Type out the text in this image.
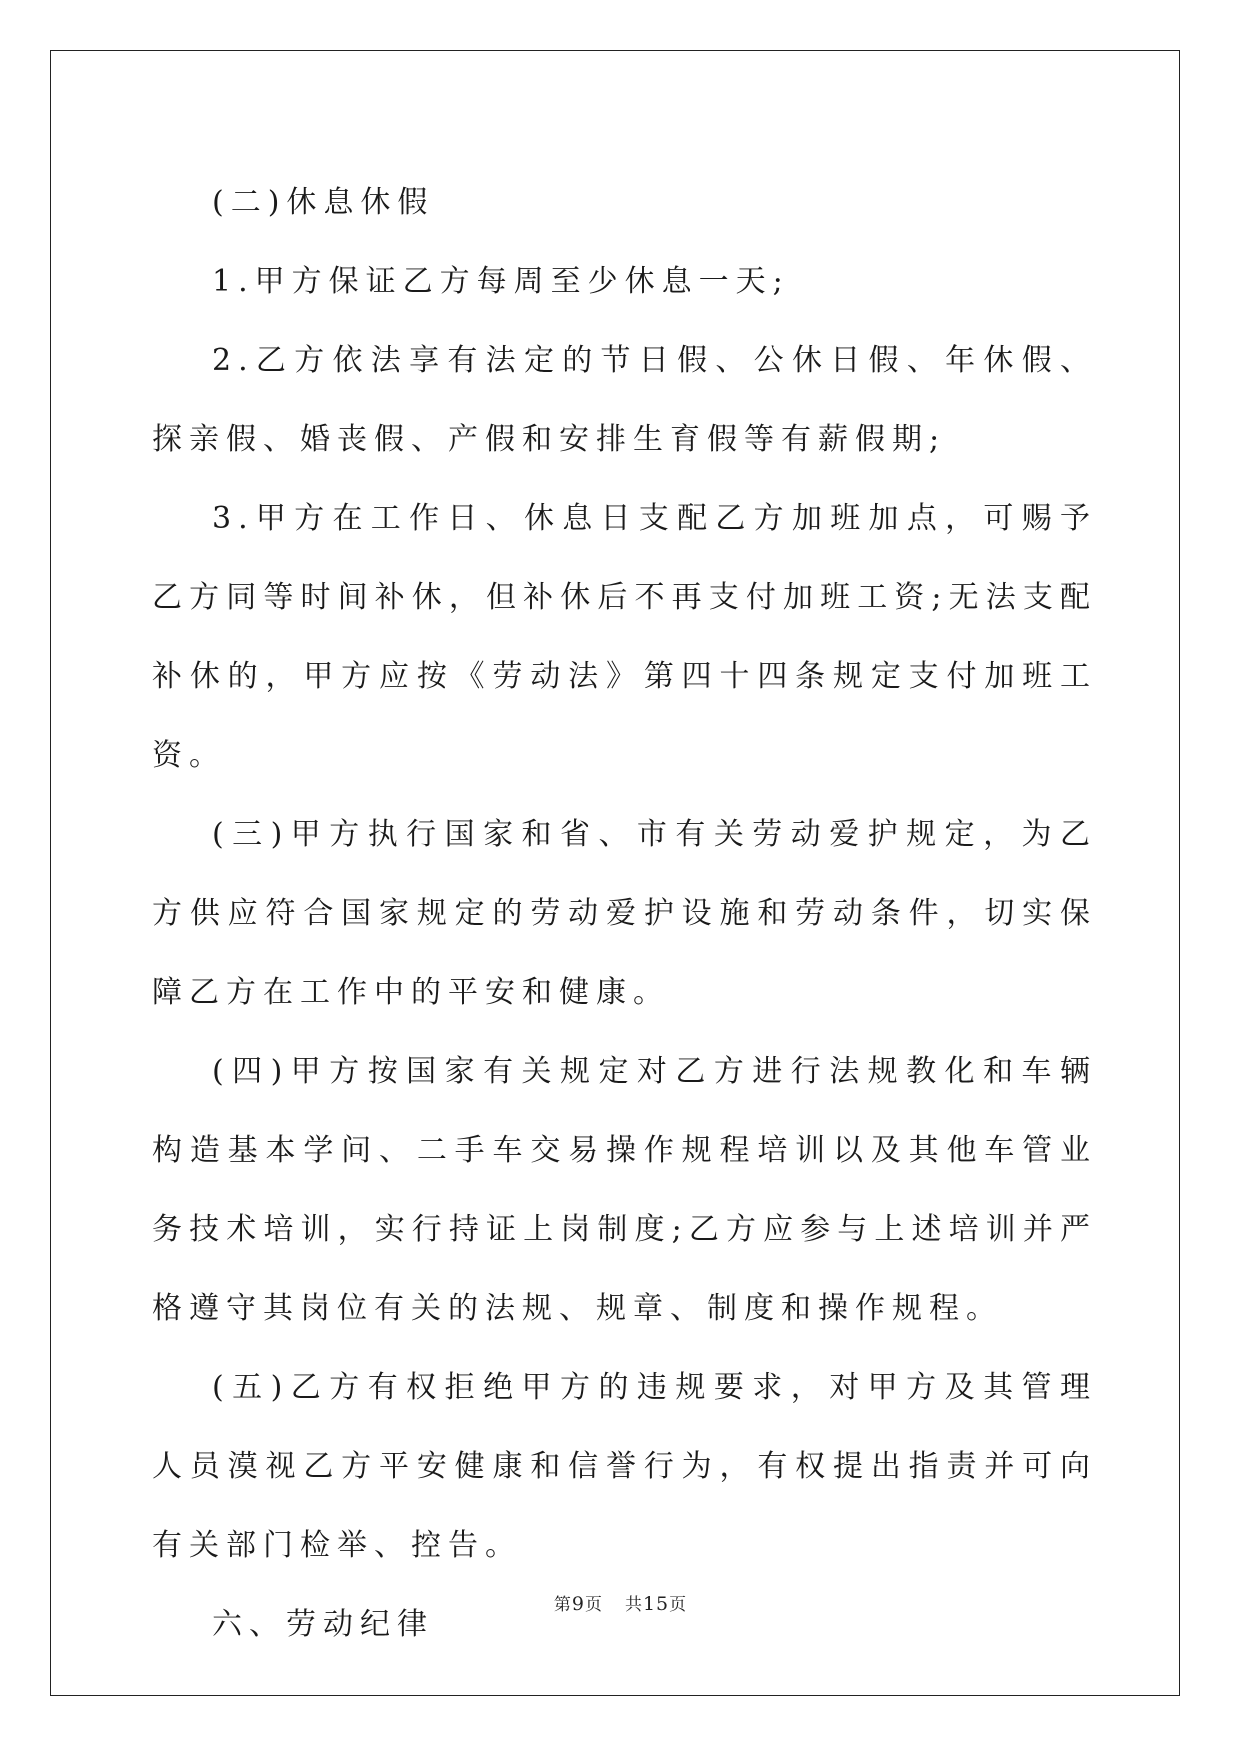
(二)休息休假

1.甲方保证乙方每周至少休息一天;

2.乙方依法享有法定的节日假、公休日假、年休假、探亲假、婚丧假、产假和安排生育假等有薪假期;

3.甲方在工作日、休息日支配乙方加班加点，可赐予乙方同等时间补休，但补休后不再支付加班工资;无法支配补休的，甲方应按《劳动法》第四十四条规定支付加班工资。

(三)甲方执行国家和省、市有关劳动爱护规定，为乙方供应符合国家规定的劳动爱护设施和劳动条件，切实保障乙方在工作中的平安和健康。

(四)甲方按国家有关规定对乙方进行法规教化和车辆构造基本学问、二手车交易操作规程培训以及其他车管业务技术培训，实行持证上岗制度;乙方应参与上述培训并严格遵守其岗位有关的法规、规章、制度和操作规程。

(五)乙方有权拒绝甲方的违规要求，对甲方及其管理人员漠视乙方平安健康和信誉行为，有权提出指责并可向有关部门检举、控告。

六、劳动纪律

第9页 共15页
